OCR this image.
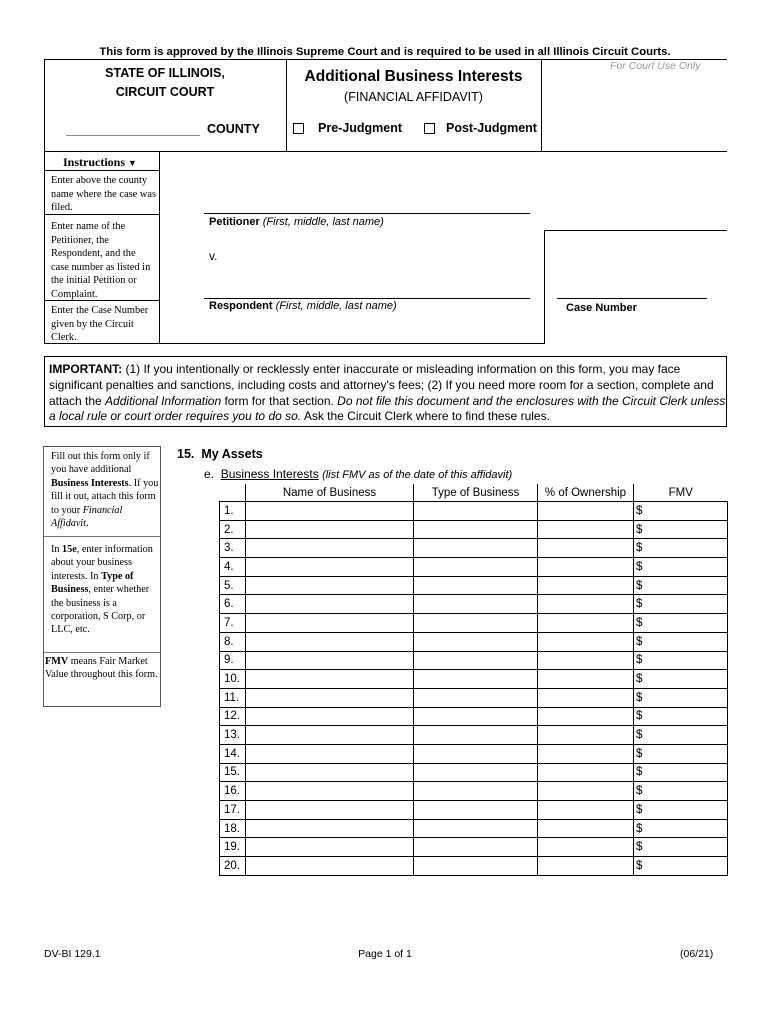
This form is approved by the Illinois Supreme Court and is required to be used in all Illinois Circuit Courts.
STATE OF ILLINOIS,
CIRCUIT COURT
COUNTY
Additional Business Interests
(FINANCIAL AFFIDAVIT)
For Court Use Only
Pre-Judgment	Post-Judgment
Instructions ▼
Enter above the county name where the case was filed.
Enter name of the Petitioner, the Respondent, and the case number as listed in the initial Petition or Complaint.
Enter the Case Number given by the Circuit Clerk.
Petitioner (First, middle, last name)
v.
Respondent (First, middle, last name)	Case Number
IMPORTANT: (1) If you intentionally or recklessly enter inaccurate or misleading information on this form, you may face significant penalties and sanctions, including costs and attorney's fees; (2) If you need more room for a section, complete and attach the Additional Information form for that section. Do not file this document and the enclosures with the Circuit Clerk unless a local rule or court order requires you to do so. Ask the Circuit Clerk where to find these rules.
Fill out this form only if you have additional Business Interests. If you fill it out, attach this form to your Financial Affidavit.
In 15e, enter information about your business interests. In Type of Business, enter whether the business is a corporation, S Corp, or LLC, etc.
FMV means Fair Market Value throughout this form.
15.  My Assets
e. Business Interests (list FMV as of the date of this affidavit)
	Name of Business	Type of Business	% of Ownership	FMV
1.				$
2.				$
3.				$
4.				$
5.				$
6.				$
7.				$
8.				$
9.				$
10.				$
11.				$
12.				$
13.				$
14.				$
15.				$
16.				$
17.				$
18.				$
19.				$
20.				$
DV-BI 129.1	Page 1 of 1	(06/21)
